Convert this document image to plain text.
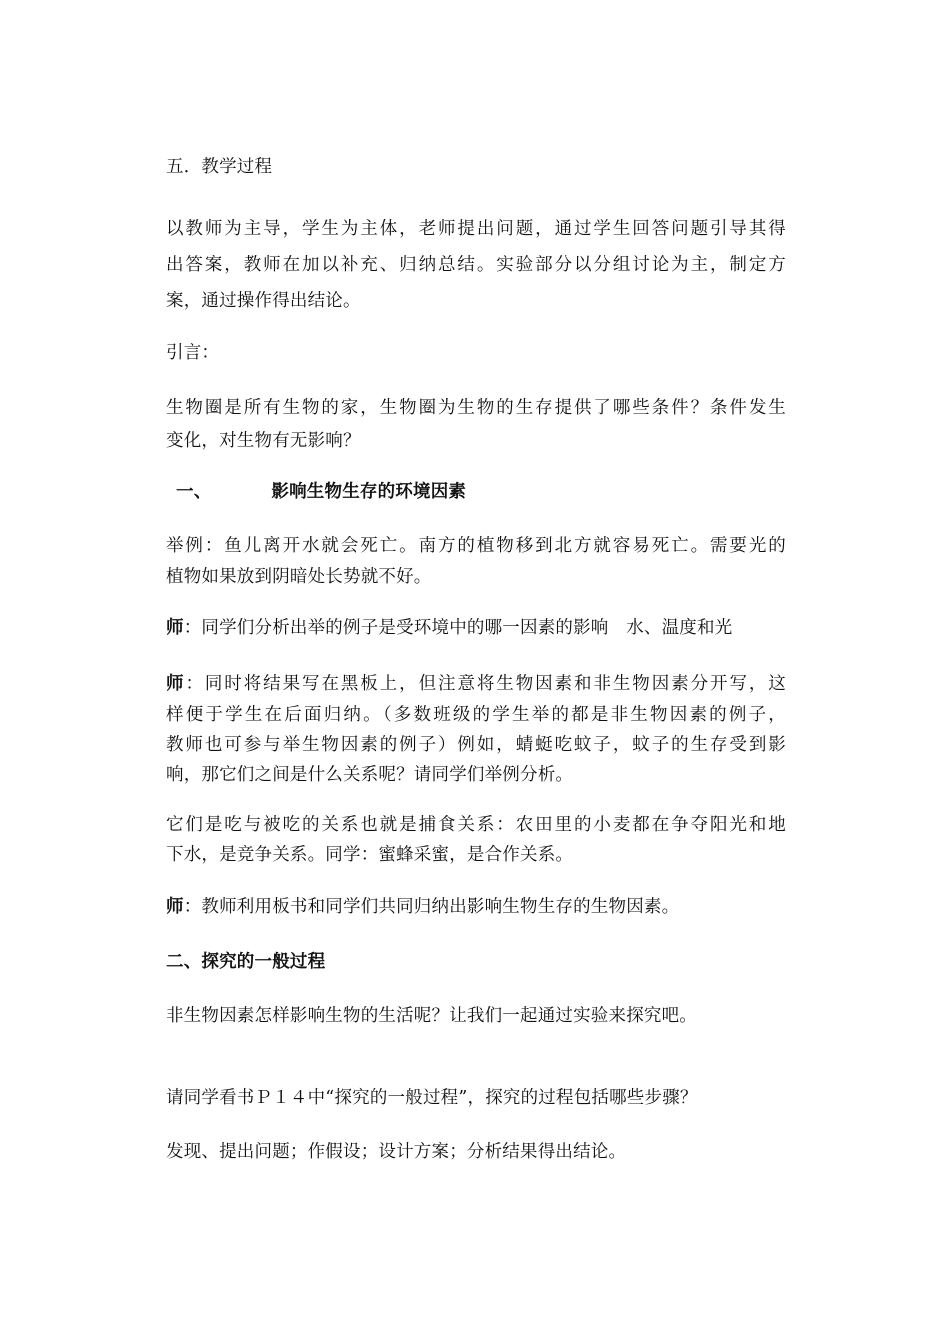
五．教学过程
以教师为主导，学生为主体，老师提出问题，通过学生回答问题引导其得
出答案，教师在加以补充、归纳总结。实验部分以分组讨论为主，制定方
案，通过操作得出结论。
引言：
生物圈是所有生物的家，生物圈为生物的生存提供了哪些条件？条件发生
变化，对生物有无影响？
一、	影响生物生存的环境因素
举例：鱼儿离开水就会死亡。南方的植物移到北方就容易死亡。需要光的
植物如果放到阴暗处长势就不好。
师：同学们分析出举的例子是受环境中的哪一因素的影响　水、温度和光
师：同时将结果写在黑板上，但注意将生物因素和非生物因素分开写，这
样便于学生在后面归纳。（多数班级的学生举的都是非生物因素的例子，
教师也可参与举生物因素的例子）例如，蜻蜓吃蚊子，蚊子的生存受到影
响，那它们之间是什么关系呢？请同学们举例分析。
它们是吃与被吃的关系也就是捕食关系：农田里的小麦都在争夺阳光和地
下水，是竞争关系。同学：蜜蜂采蜜，是合作关系。
师：教师利用板书和同学们共同归纳出影响生物生存的生物因素。
二、探究的一般过程
非生物因素怎样影响生物的生活呢？让我们一起通过实验来探究吧。
请同学看书Ｐ１４中“探究的一般过程”，探究的过程包括哪些步骤？
发现、提出问题；作假设；设计方案；分析结果得出结论。
